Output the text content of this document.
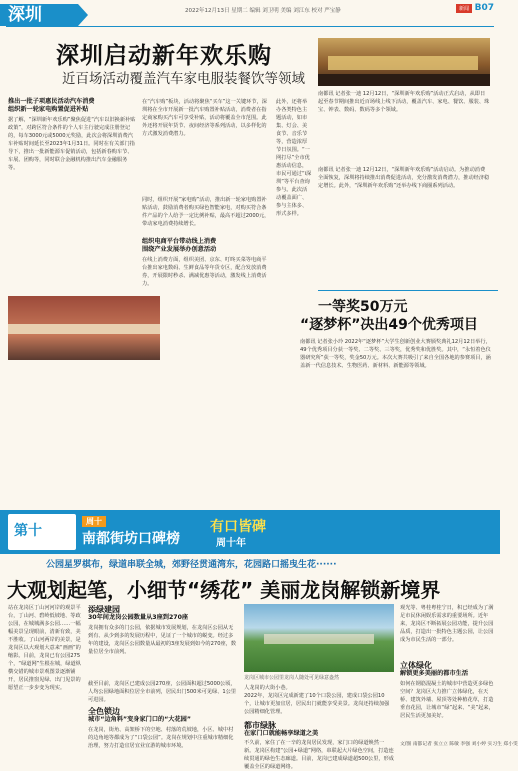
深圳	2022年12月13日 星期二 编辑 刘卫明 美编 刘江东 校对 严宝静	新闻 B07
深圳启动新年欢乐购
近百场活动覆盖汽车家电服装餐饮等领域
南都讯 记者张一迪 12月12日，“深圳新年欢乐购”活动正式启动，从即日起至春节期间推出近百场线上线下活动，覆盖汽车、家电、餐饮、服装、珠宝、钟表、数码、数码等多个领域。
推出一批子项惠民活动汽车消费
组织新一轮家电购置促进补贴
据了解，“深圳新年欢乐购”聚焦促进“汽车以旧换新补贴政策”，对跨区符合条件的个人车主行驶完成注册登记的，每车3000元或5000元奖励，此次会将深圳消费汽车补贴时间延长至2023年1月31日。同时在有关部门指导下，推出一批新能源车促销活动，包括新春购车节、车展、团购等，同时联合金融机构推出汽车金融服务等。
在“汽车购”板块，活动将聚焦“买车”这一关键环节，深圳将在全市开展新一批汽车购置补贴活动，消费者在指定商家购买汽车可享受补贴，活动将覆盖全市范围。此外还将开展年货节、夜间经济等系列活动，以多样化的方式激发消费潜力。
同时，组织开展“家电购”活动，推出新一轮家电购置补贴活动，鼓励消费者购买绿色智能家电，对购买符合条件产品的个人给予一定比例补贴，最高不超过2000元，带动家电消费持续增长。
组织电商平台带动线上消费
围绕产业发展举办创意活动
在线上消费方面，组织美团、京东、叮咚买菜等电商平台推出家电数码、生鲜食品等年货专区，配合发放消费券，开展限时秒杀、满减优惠等活动，激发线上消费活力。
此外，还将举办各类特色主题活动，如市集、灯会、美食节、音乐节等，营造浓厚节日氛围。“一网打尽”全市优惠活动信息，市民可通过“i深圳”等平台查询参与。此次活动覆盖面广、参与主体多、形式多样。
南都讯 记者张一迪 12月12日，“深圳新年欢乐购”活动启动。为推动消费全面恢复，深圳将持续推出消费促进活动，充分激发消费潜力，推动经济稳定增长。此外，“深圳新年欢乐购”还举办线下商圈系列活动。
一等奖50万元
“逐梦杯”决出49个优秀项目
南都讯 记者张小玲 2022年“逐梦杯”大学生创新创业大赛颁奖典礼12月12日举行，49个优秀项目分获一等奖、二等奖、三等奖，优秀奖和优胜奖。其中，“永恒着色仪器研究所”获一等奖，奖金50万元。本次大赛共吸引了来自全国各地的参赛项目，涵盖新一代信息技术、生物医药、新材料、新能源等领域。
第十
周十
南都街坊口碑榜
有口皆碑
周十年
公园星罗棋布，绿道串联全城，郊野径贯通湾东，花园路口摇曳生花······
大观划起笔，小细节“绣花” 美丽龙岗解锁新境界
站在龙岗区丁山河河岸的观景平台，丁山河、碧岭低坡地、等政公园，在城城满多公园……一幅幅美景呈现眼前，清新有致，美不胜收。了山河两岸的美景，是龙岗区以大观划大意来“画画”的缩影。目前，龙岗已有公园275个，“绿道网”生根在城，绿道纵横交错的城市景观图景逐渐铺开，居民推窗见绿、出门见景的愿望正一步步变为现实。
添绿建园
30年间龙岗公园数量从3座到270座
龙岗拥有众多的门公园，依据城市发展规划，在龙岗区公园从无到有、从少到多的发展历程中，见证了一个城市的蜕变。经过多年的建设，龙岗区公园数量从最初的3座发展到如今的270座，数量位居全市前列。
截至目前，龙岗区已建成公园270座，公园面积超过5000公顷，人均公园绿地面积位居全市前列，居民出门500米可见绿、1公里可进园。
全色锁边
城市“边角料”变身家门口的“大花园”
在龙岗，街角、高架桥下的空地、村落的荒坡地，小区、城中村的边角地等都成为了“口袋公园”。龙岗在规划中注重城市精细化治理，努力打造宜居宜业宜游的城市环境。
龙岗区城市公园里龙岗人随处可见绿意盎然
人龙岗的大街小巷。
2022年，龙岗区完成新建了10个口袋公园，建成口袋公园10个，让城市更加宜居，居民出门就能享受美景。龙岗还持续加强公园精细化管理。
都市绿脉
在家门口就能畅享绿道之美
不久前，家住了在一辛的龙岗居民发现，家门口的绿道焕然一新。龙岗区构建“公园+绿道”网络，串联起大片绿色空间，打造连续贯通的绿色生态廊道。目前，龙岗已建成绿道超500公里，形成覆盖全区的绿道网络。
观光等、粤桂粤桂宁日，积已经成为了满足市民休闲娱乐需求的重要场所。近年来，龙岗区不断拓展公园功能，提升公园品质，打造出一批特色主题公园，让公园成为市民生活的一部分。
立体绿化
解锁更多美丽的都市生活
如何在钢筋混凝土的城市中营造更多绿色空间？龙岗区大力推广立体绿化，在天桥、建筑外墙、屋顶等处种植花草，打造垂直花园，让城市“绿”起来、“美”起来，居民生活更加美好。
文/图 南都记者 张立立 陈敏 李强 刘小婷 实习生 郑小雯
